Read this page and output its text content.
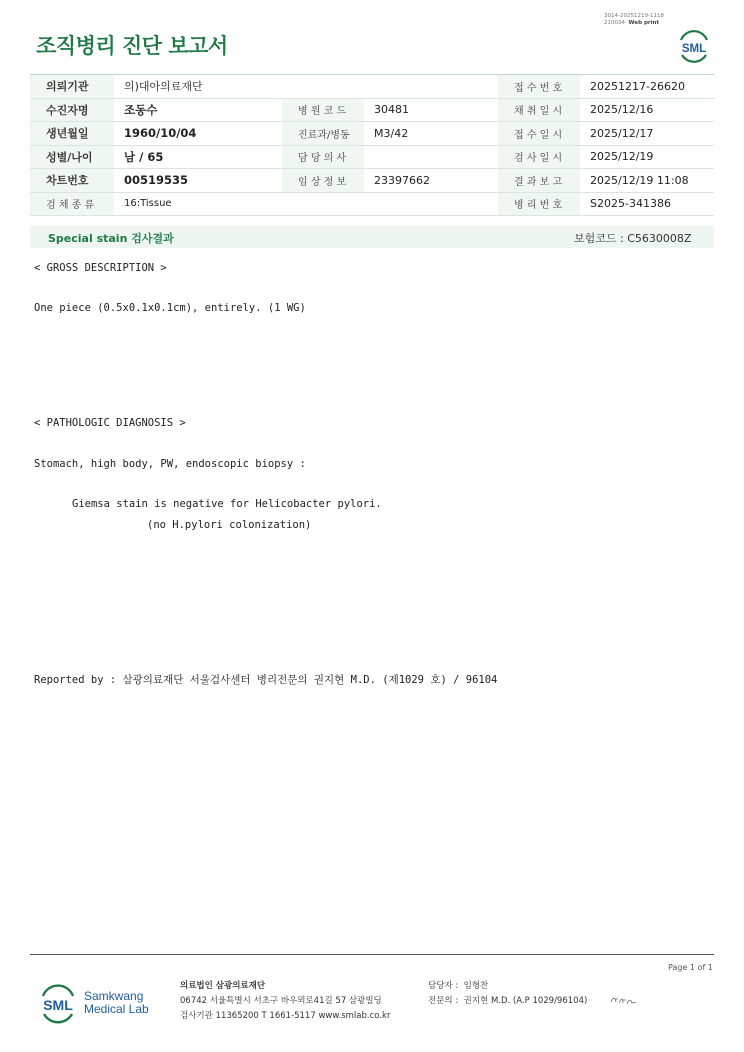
조직병리 진단 보고서
3014-20251219-1118
210034 Web print
SML
의뢰기관	의)대아의료재단			접 수 번 호	20251217-26620
수진자명	조동수	병 원 코 드	30481	채 취 일 시	2025/12/16
생년월일	1960/10/04	진료과/병동	M3/42	접 수 일 시	2025/12/17
성별/나이	남 / 65	담 당 의 사		검 사 일 시	2025/12/19
차트번호	00519535	임 상 정 보	23397662	결 과 보 고	2025/12/19 11:08
검 체 종 류	16:Tissue			병 리 번 호	S2025-341386
Special stain 검사결과	보험코드 : C5630008Z
< GROSS DESCRIPTION >
One piece (0.5x0.1x0.1cm), entirely. (1 WG)
< PATHOLOGIC DIAGNOSIS >
Stomach, high body, PW, endoscopic biopsy :
Giemsa stain is negative for Helicobacter pylori.
(no H.pylori colonization)
Reported by : 삼광의료재단 서울검사센터 병리전문의 권지현 M.D. (제1029 호) / 96104
Page 1 of 1
SML
Samkwang
Medical Lab
의료법인 삼광의료재단
06742 서울특별시 서초구 바우뫼로41길 57 삼광빌딩
검사기관 11365200 T 1661-5117 www.smlab.co.kr
담당자 : 임형찬
전문의 : 권지현 M.D. (A.P 1029/96104)
